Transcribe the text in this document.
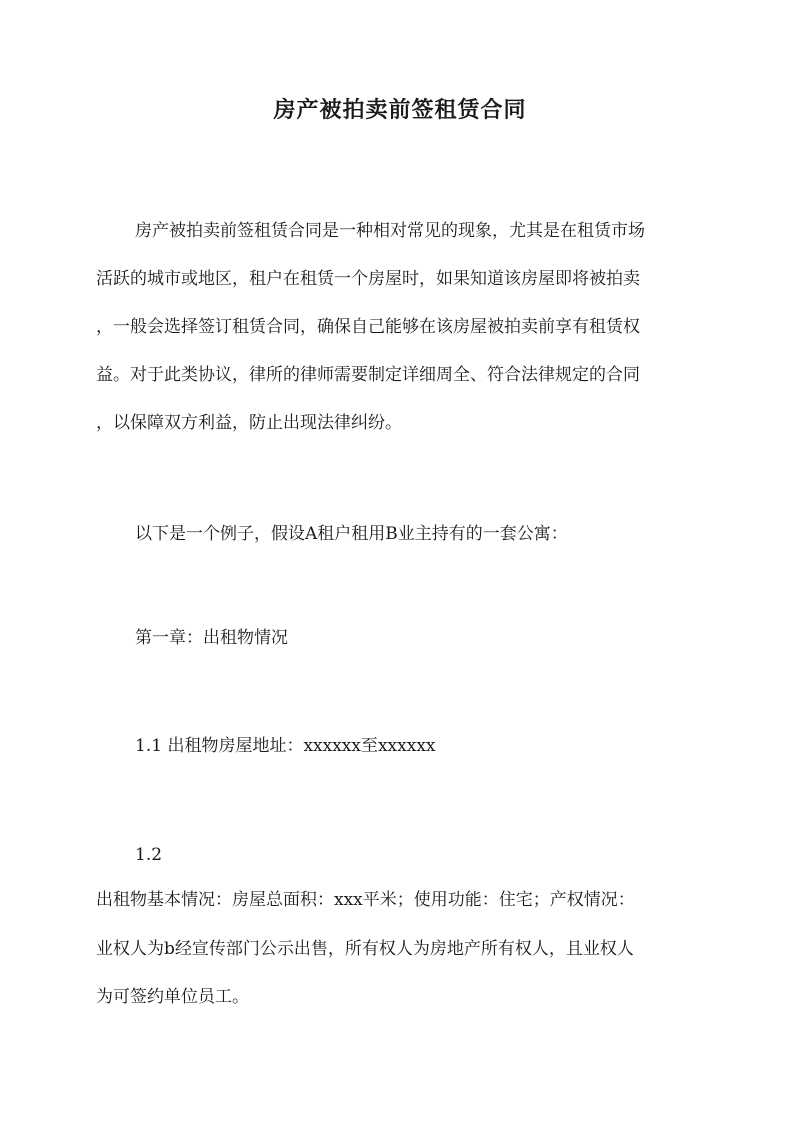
房产被拍卖前签租赁合同
房产被拍卖前签租赁合同是一种相对常见的现象，尤其是在租赁市场
活跃的城市或地区，租户在租赁一个房屋时，如果知道该房屋即将被拍卖
，一般会选择签订租赁合同，确保自己能够在该房屋被拍卖前享有租赁权
益。对于此类协议，律所的律师需要制定详细周全、符合法律规定的合同
，以保障双方利益，防止出现法律纠纷。
以下是一个例子，假设A租户租用B业主持有的一套公寓：
第一章：出租物情况
1.1 出租物房屋地址：xxxxxx至xxxxxx
1.2
出租物基本情况：房屋总面积：xxx平米；使用功能：住宅；产权情况：
业权人为b经宣传部门公示出售，所有权人为房地产所有权人，且业权人
为可签约单位员工。
